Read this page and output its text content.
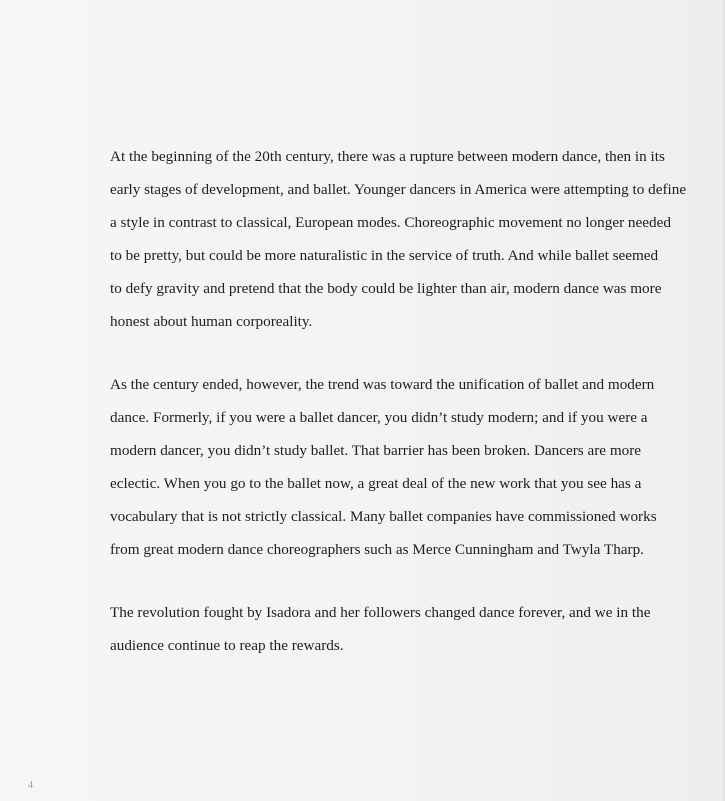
At the beginning of the 20th century, there was a rupture between modern dance, then in its
early stages of development, and ballet. Younger dancers in America were attempting to define
a style in contrast to classical, European modes. Choreographic movement no longer needed
to be pretty, but could be more naturalistic in the service of truth. And while ballet seemed
to defy gravity and pretend that the body could be lighter than air, modern dance was more
honest about human corporeality.
As the century ended, however, the trend was toward the unification of ballet and modern
dance. Formerly, if you were a ballet dancer, you didn’t study modern; and if you were a
modern dancer, you didn’t study ballet. That barrier has been broken. Dancers are more
eclectic. When you go to the ballet now, a great deal of the new work that you see has a
vocabulary that is not strictly classical. Many ballet companies have commissioned works
from great modern dance choreographers such as Merce Cunningham and Twyla Tharp.
The revolution fought by Isadora and her followers changed dance forever, and we in the
audience continue to reap the rewards.
4
